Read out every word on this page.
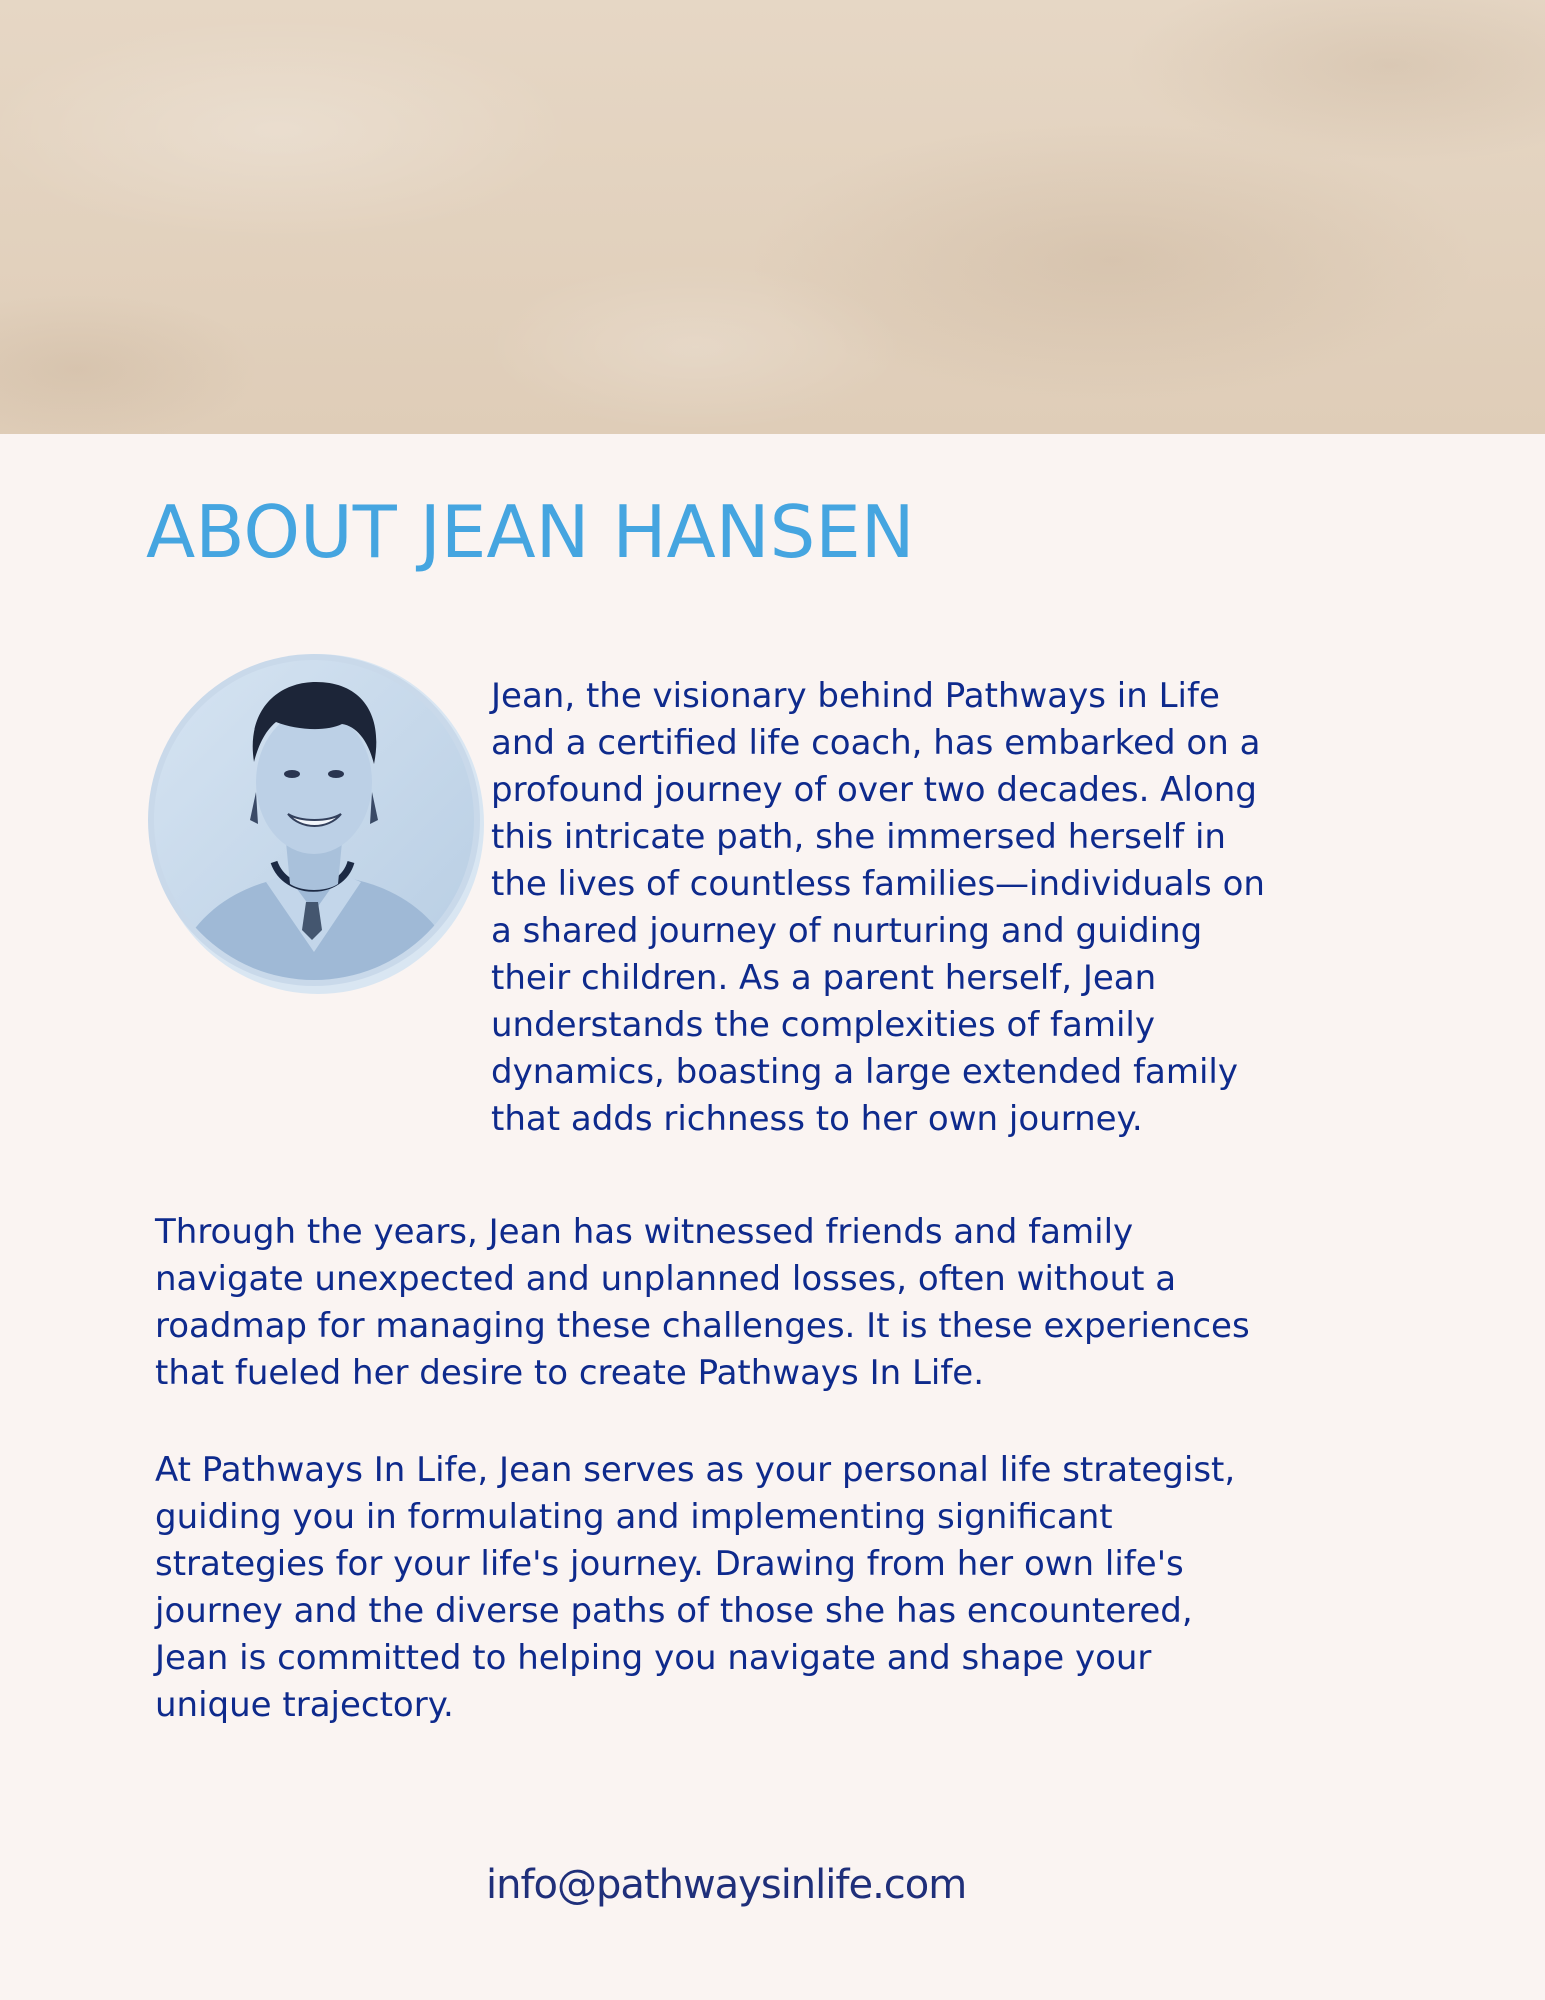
ABOUT JEAN HANSEN
Jean, the visionary behind Pathways in Life
and a certified life coach, has embarked on a
profound journey of over two decades. Along
this intricate path, she immersed herself in
the lives of countless families—individuals on
a shared journey of nurturing and guiding
their children. As a parent herself, Jean
understands the complexities of family
dynamics, boasting a large extended family
that adds richness to her own journey.
Through the years, Jean has witnessed friends and family
navigate unexpected and unplanned losses, often without a
roadmap for managing these challenges. It is these experiences
that fueled her desire to create Pathways In Life.
At Pathways In Life, Jean serves as your personal life strategist,
guiding you in formulating and implementing significant
strategies for your life's journey. Drawing from her own life's
journey and the diverse paths of those she has encountered,
Jean is committed to helping you navigate and shape your
unique trajectory.
info@pathwaysinlife.com
